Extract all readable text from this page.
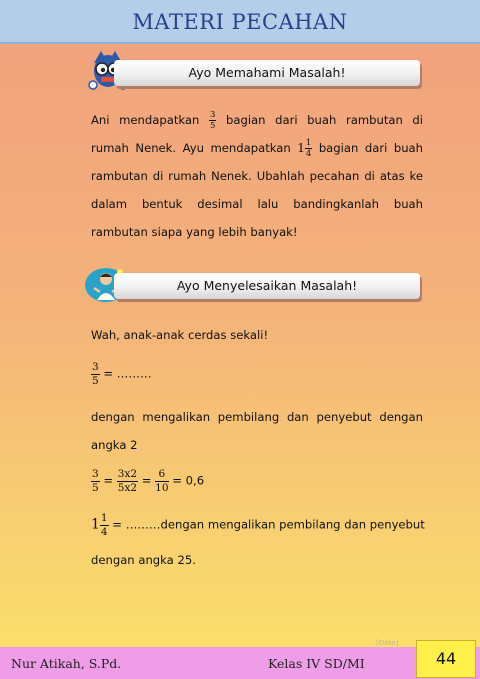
MATERI PECAHAN
Ayo Memahami Masalah!
Ani mendapatkan $\frac{3}{5}$ bagian dari buah rambutan di rumah Nenek. Ayu mendapatkan $1 \frac{1}{4}$ bagian dari buah rambutan di rumah Nenek. Ubahlah pecahan di atas ke dalam bentuk desimal lalu bandingkanlah buah rambutan siapa yang lebih banyak!
Ayo Menyelesaikan Masalah!
Wah, anak-anak cerdas sekali!
$\frac{3}{5}$ = ………
dengan mengalikan pembilang dan penyebut dengan angka 2
$\frac{3}{5} = \frac{3x2}{5x2} = \frac{6}{10} = 0,6$
$1 \frac{1}{4}$ = ………dengan mengalikan pembilang dan penyebut
dengan angka 25.
[Date]
Nur Atikah, S.Pd.	Kelas IV SD/MI	44
